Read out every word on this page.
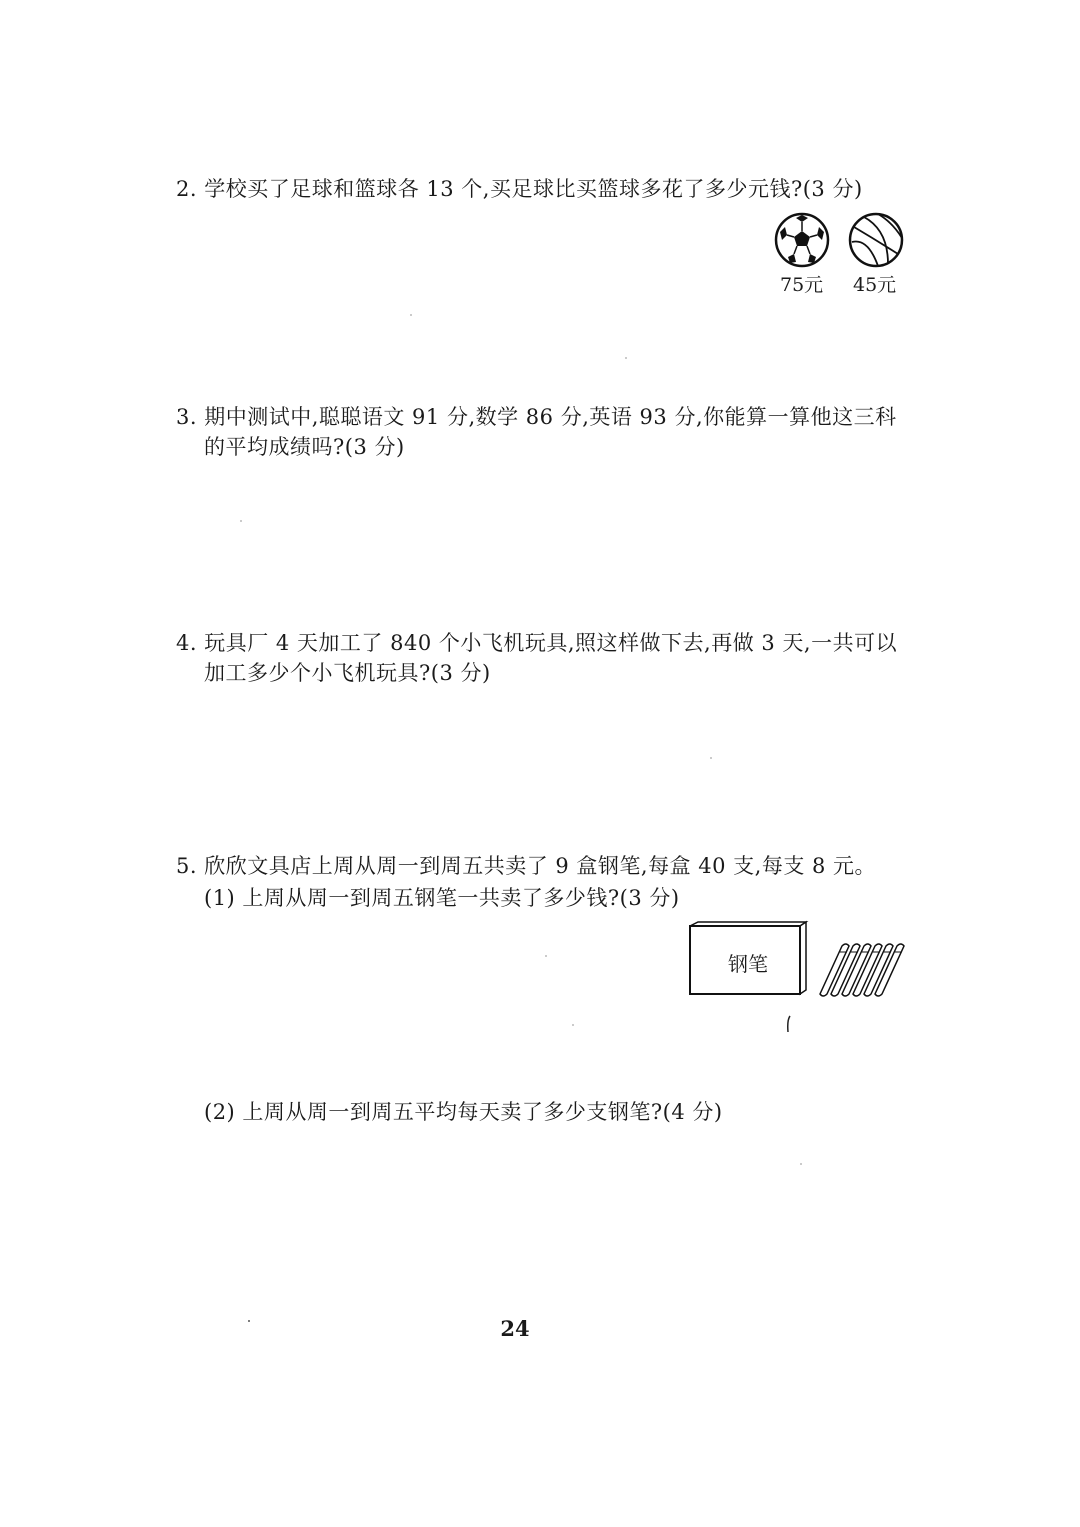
2. 学校买了足球和篮球各 13 个,买足球比买篮球多花了多少元钱?(3 分)
75元 45元
3. 期中测试中,聪聪语文 91 分,数学 86 分,英语 93 分,你能算一算他这三科
的平均成绩吗?(3 分)
4. 玩具厂 4 天加工了 840 个小飞机玩具,照这样做下去,再做 3 天,一共可以
加工多少个小飞机玩具?(3 分)
5. 欣欣文具店上周从周一到周五共卖了 9 盒钢笔,每盒 40 支,每支 8 元。
(1) 上周从周一到周五钢笔一共卖了多少钱?(3 分)
钢笔
(2) 上周从周一到周五平均每天卖了多少支钢笔?(4 分)
24
